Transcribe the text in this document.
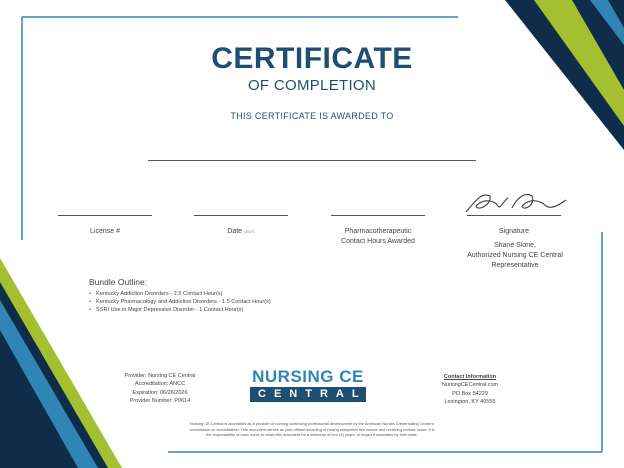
CERTIFICATE
OF COMPLETION
THIS CERTIFICATE IS AWARDED TO
License #	Date $^{(EST)}$	Pharmacotherapeutic
Contact Hours Awarded
Signature
Shane Slone,
Authorized Nursing CE Central
Representative
Bundle Outline:
• Kentucky Addiction Disorders - 2.5 Contact Hour(s)
• Kentucky Pharmacology and Addiction Disorders - 1.5 Contact Hour(s)
• SSRI Use in Major Depressive Disorder - 1 Contact Hour(s)
Provider: Nursing CE Central
Accreditation: ANCC
Expiration: 06/26/2026
Provider Number: P0614
NURSING CE
CENTRAL
Contact Information
NursingCECentral.com
PO Box 54229
Lexington, KY 40555
Nursing CE Central is accredited as a provider of nursing continuing professional development by the American Nurses Credentialing Center's
commission on accreditation. This document serves as your official recording of having completed this course and receiving contact hours. It is
the responsibility of each nurse to retain this document for a minimum of four (4) years, or longer if mandated by their state.
